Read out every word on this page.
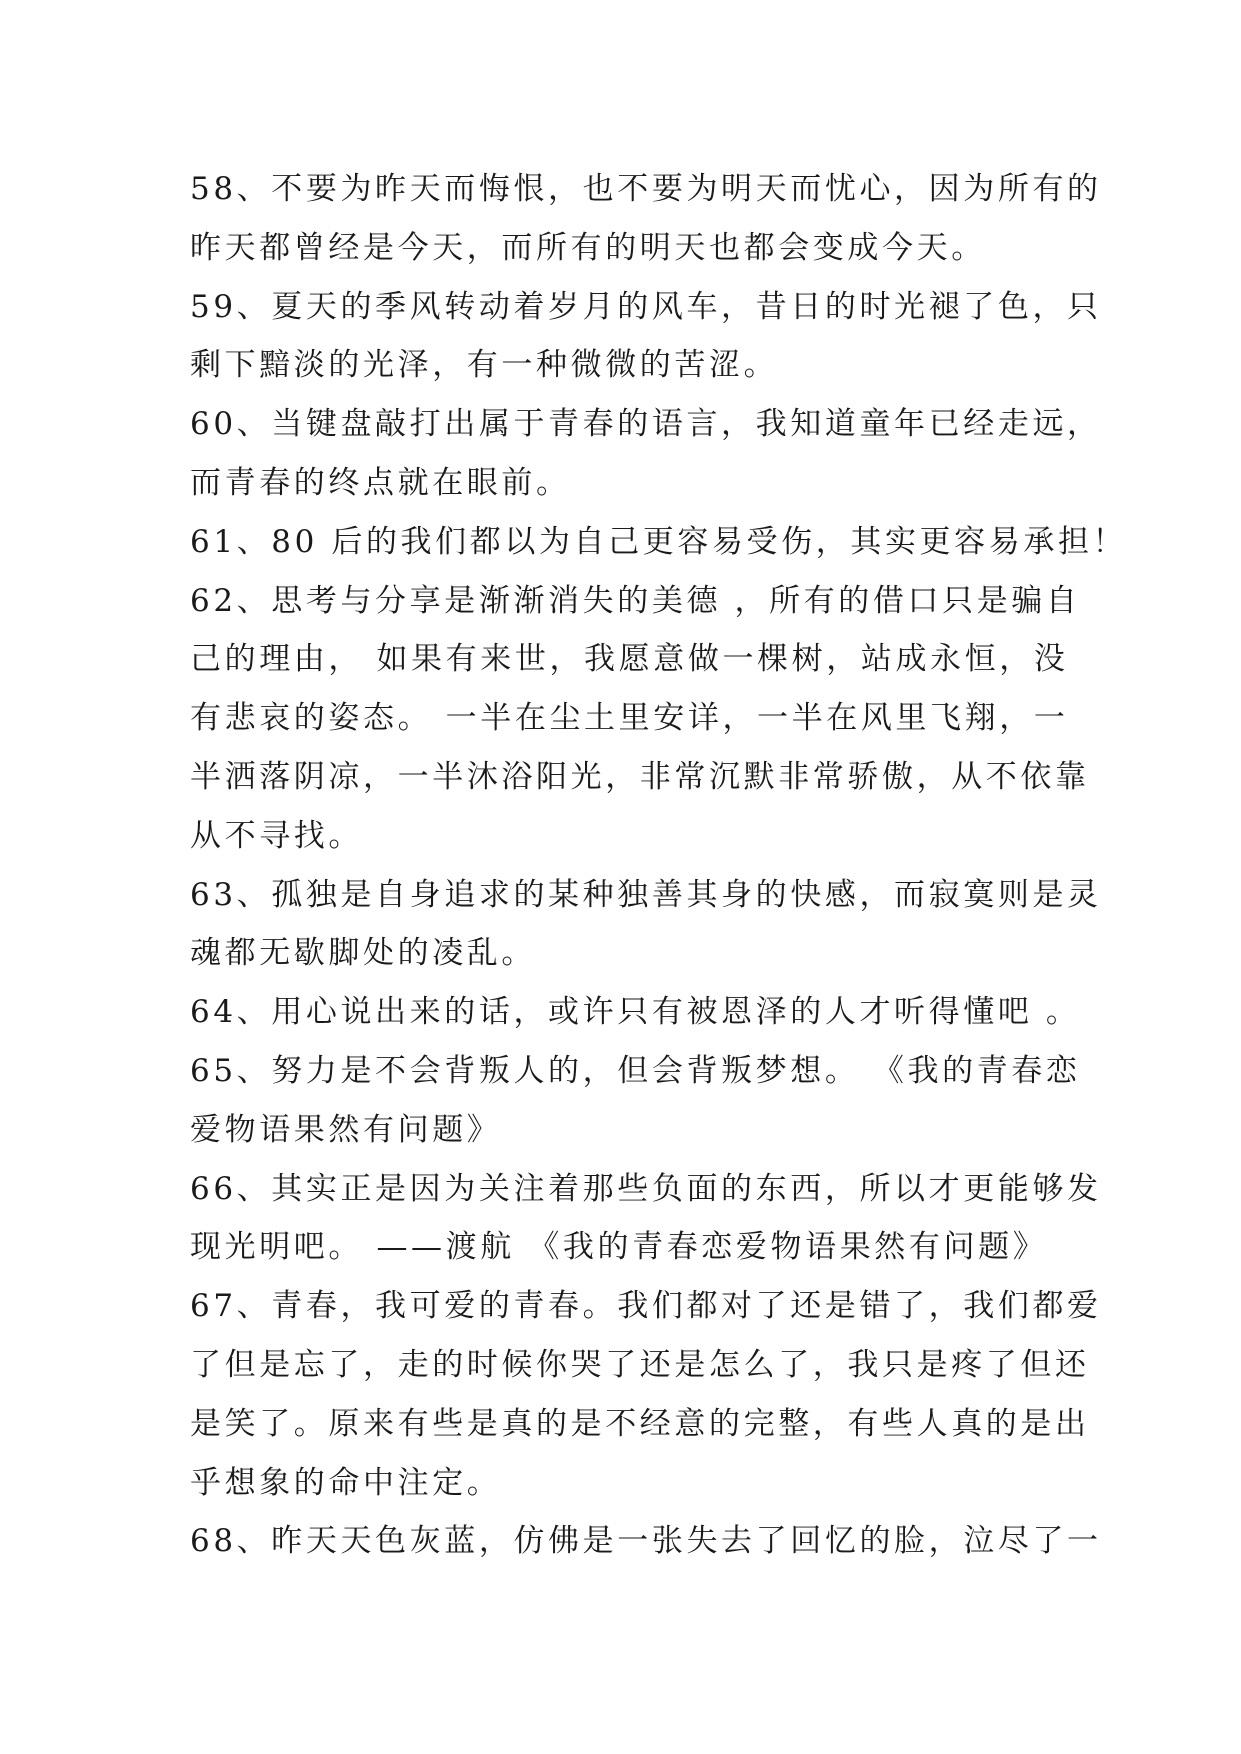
58、不要为昨天而悔恨，也不要为明天而忧心，因为所有的
昨天都曾经是今天，而所有的明天也都会变成今天。
59、夏天的季风转动着岁月的风车，昔日的时光褪了色，只
剩下黯淡的光泽，有一种微微的苦涩。
60、当键盘敲打出属于青春的语言，我知道童年已经走远，
而青春的终点就在眼前。
61、80 后的我们都以为自己更容易受伤，其实更容易承担！
62、思考与分享是渐渐消失的美德 ，所有的借口只是骗自
己的理由， 如果有来世，我愿意做一棵树，站成永恒，没
有悲哀的姿态。 一半在尘土里安详，一半在风里飞翔，一
半洒落阴凉，一半沐浴阳光，非常沉默非常骄傲，从不依靠
从不寻找。
63、孤独是自身追求的某种独善其身的快感，而寂寞则是灵
魂都无歇脚处的凌乱。
64、用心说出来的话，或许只有被恩泽的人才听得懂吧 。
65、努力是不会背叛人的，但会背叛梦想。 《我的青春恋
爱物语果然有问题》
66、其实正是因为关注着那些负面的东西，所以才更能够发
现光明吧。 ——渡航 《我的青春恋爱物语果然有问题》
67、青春，我可爱的青春。我们都对了还是错了，我们都爱
了但是忘了，走的时候你哭了还是怎么了，我只是疼了但还
是笑了。原来有些是真的是不经意的完整，有些人真的是出
乎想象的命中注定。
68、昨天天色灰蓝，仿佛是一张失去了回忆的脸，泣尽了一
